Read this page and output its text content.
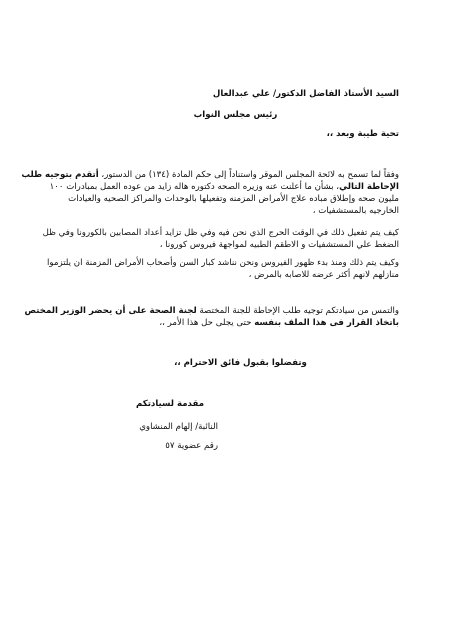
السيد الأستاذ الفاضل الدكتور/ علي عبدالعال
رئيس مجلس النواب
تحية طيبة وبعد ،،
وفقاً لما تسمح به لائحة المجلس الموقر واستناداً إلى حكم المادة (١٣٤) من الدستور، أتقدم بتوجيه طلب
الإحاطة التالي، بشأن ما أعلنت عنه وزيره الصحه دكتوره هاله زايد من عوده العمل بمبادرات ١٠٠
مليون صحه وإطلاق مباده علاج الأمراض المزمنه وتفعيلها بالوحدات والمراكز الصحيه والعيادات
الخارجيه بالمستشفيات ،
كيف يتم تفعيل ذلك في الوقت الحرج الذي نحن فيه وفي ظل تزايد أعداد المصابين بالكورونا وفي ظل
الضغط علي المستشفيات و الاطقم الطبيه لمواجهة فيروس كورونا ،
وكيف يتم ذلك ومنذ بدء ظهور الفيروس ونحن نناشد كبار السن وأصحاب الأمراض المزمنة ان يلتزموا
منازلهم لانهم أكثر عرضه للاصابه بالمرض ،
والتمس من سيادتكم توجيه طلب الإحاطة للجنة المختصة لجنة الصحة على أن يحضر الوزير المختص
باتخاذ القرار فى هذا الملف بنفسه حتى يجلى حل هذا الأمر ،،
وتفضلوا بقبول فائق الاحترام ،،
مقدمة لسيادتكم
النائبة/ إلهام المنشاوي
رقم عضوية ٥٧
